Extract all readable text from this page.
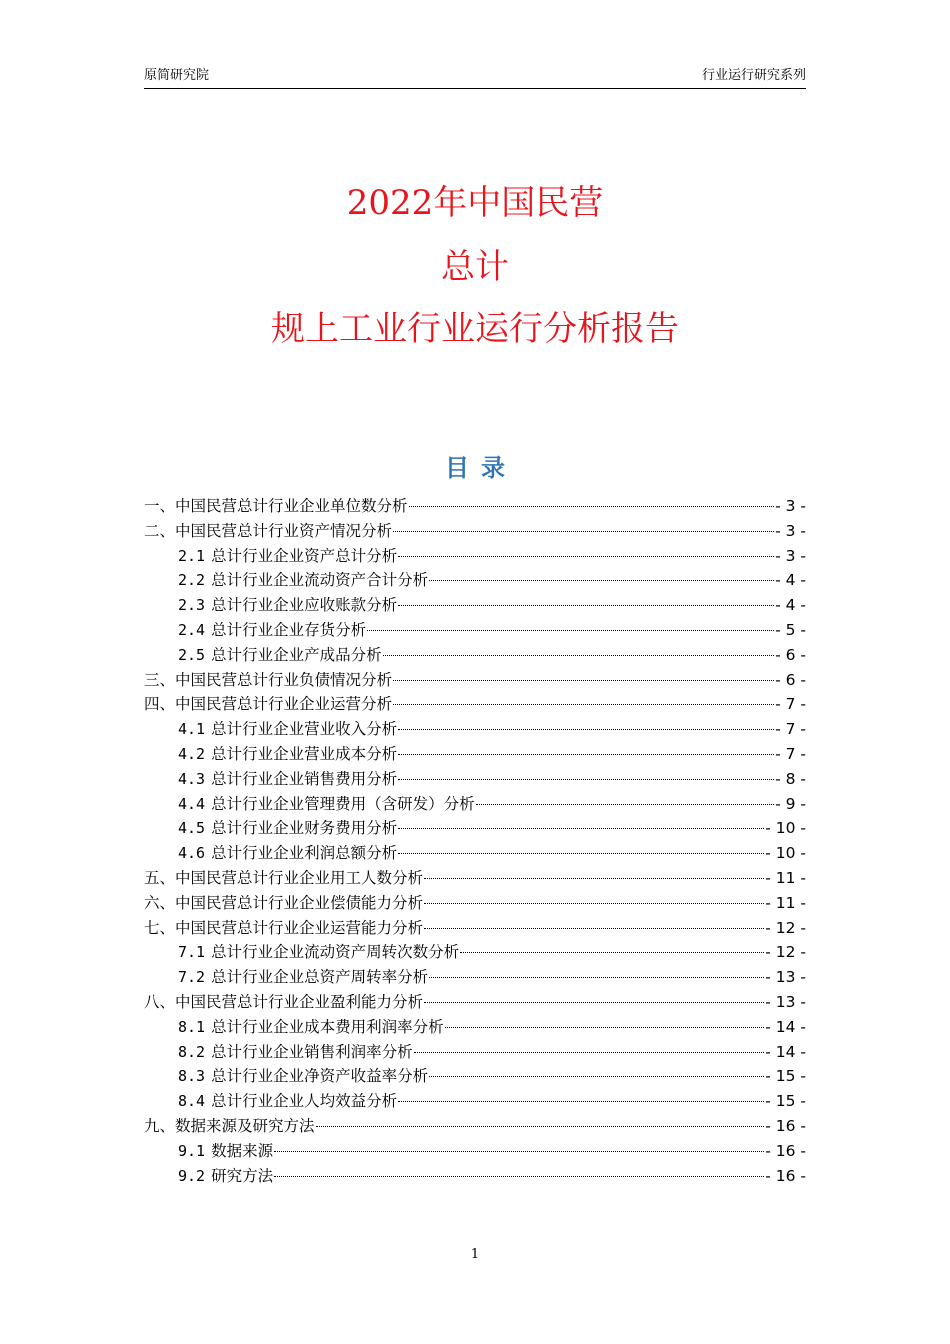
原简研究院	行业运行研究系列
2022年中国民营
总计
规上工业行业运行分析报告
目录
一、中国民营总计行业企业单位数分析	- 3 -
二、中国民营总计行业资产情况分析	- 3 -
2.1 总计行业企业资产总计分析	- 3 -
2.2 总计行业企业流动资产合计分析	- 4 -
2.3 总计行业企业应收账款分析	- 4 -
2.4 总计行业企业存货分析	- 5 -
2.5 总计行业企业产成品分析	- 6 -
三、中国民营总计行业负债情况分析	- 6 -
四、中国民营总计行业企业运营分析	- 7 -
4.1 总计行业企业营业收入分析	- 7 -
4.2 总计行业企业营业成本分析	- 7 -
4.3 总计行业企业销售费用分析	- 8 -
4.4 总计行业企业管理费用（含研发）分析	- 9 -
4.5 总计行业企业财务费用分析	- 10 -
4.6 总计行业企业利润总额分析	- 10 -
五、中国民营总计行业企业用工人数分析	- 11 -
六、中国民营总计行业企业偿债能力分析	- 11 -
七、中国民营总计行业企业运营能力分析	- 12 -
7.1 总计行业企业流动资产周转次数分析	- 12 -
7.2 总计行业企业总资产周转率分析	- 13 -
八、中国民营总计行业企业盈利能力分析	- 13 -
8.1 总计行业企业成本费用利润率分析	- 14 -
8.2 总计行业企业销售利润率分析	- 14 -
8.3 总计行业企业净资产收益率分析	- 15 -
8.4 总计行业企业人均效益分析	- 15 -
九、数据来源及研究方法	- 16 -
9.1 数据来源	- 16 -
9.2 研究方法	- 16 -
1
